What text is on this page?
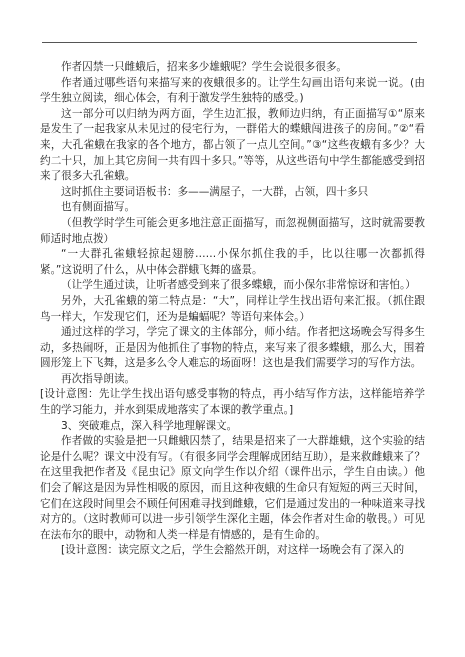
作者囚禁一只雌蛾后，招来多少雄蛾呢？学生会说很多很多。

作者通过哪些语句来描写来的夜蛾很多的。让学生勾画出语句来说一说。(由学生独立阅读，细心体会，有利于激发学生独特的感受。)

这一部分可以归纳为两方面，学生边汇报，教师边归纳，有正面描写①“原来是发生了一起我家从未见过的侵宅行为，一群偌大的蝶蛾闯进孩子的房间。”②“看来，大孔雀蛾在我家的各个地方，都占领了一点儿空间。”③“这些夜蛾有多少？大约二十只，加上其它房间一共有四十多只。”等等，从这些语句中学生都能感受到招来了很多大孔雀蛾。

这时抓住主要词语板书：多——满屋子，一大群，占领，四十多只

也有侧面描写。

（但教学时学生可能会更多地注意正面描写，而忽视侧面描写，这时就需要教师适时地点拨）

“一大群孔雀蛾轻掠起翅膀……小保尔抓住我的手，比以往哪一次都抓得紧。”这说明了什么，从中体会群蛾飞舞的盛景。

（让学生通过读，让听者感受到来了很多蝶蛾，而小保尔非常惊讶和害怕。）

另外，大孔雀蛾的第二特点是：“大”，同样让学生找出语句来汇报。（抓住跟鸟一样大，乍发现它们，还为是蝙蝠呢？等语句来体会。）

通过这样的学习，学完了课文的主体部分，师小结。作者把这场晚会写得多生动，多热闹呀，正是因为他抓住了事物的特点，来写来了很多蝶蛾，那么大，围着圆形笼上下飞舞，这是多么令人难忘的场面呀！这也是我们需要学习的写作方法。

再次指导朗读。

[设计意图：先让学生找出语句感受事物的特点，再小结写作方法，这样能培养学生的学习能力，并水到渠成地落实了本课的教学重点。]

3、突破难点，深入科学地理解课文。

作者做的实验是把一只雌蛾囚禁了，结果是招来了一大群雄蛾，这个实验的结论是什么呢？课文中没有写。（有很多同学会理解成团结互助），是来救雌蛾来了？在这里我把作者及《昆虫记》原文向学生作以介绍（课件出示，学生自由读。）他们会了解这是因为异性相吸的原因，而且这种夜蛾的生命只有短短的两三天时间，它们在这段时间里会不顾任何困难寻找到雌蛾，它们是通过发出的一种味道来寻找对方的。（这时教师可以进一步引领学生深化主题，体会作者对生命的敬畏。）可见在法布尔的眼中，动物和人类一样是有情感的，是有生命的。

[设计意图：读完原文之后，学生会豁然开朗，对这样一场晚会有了深入的
